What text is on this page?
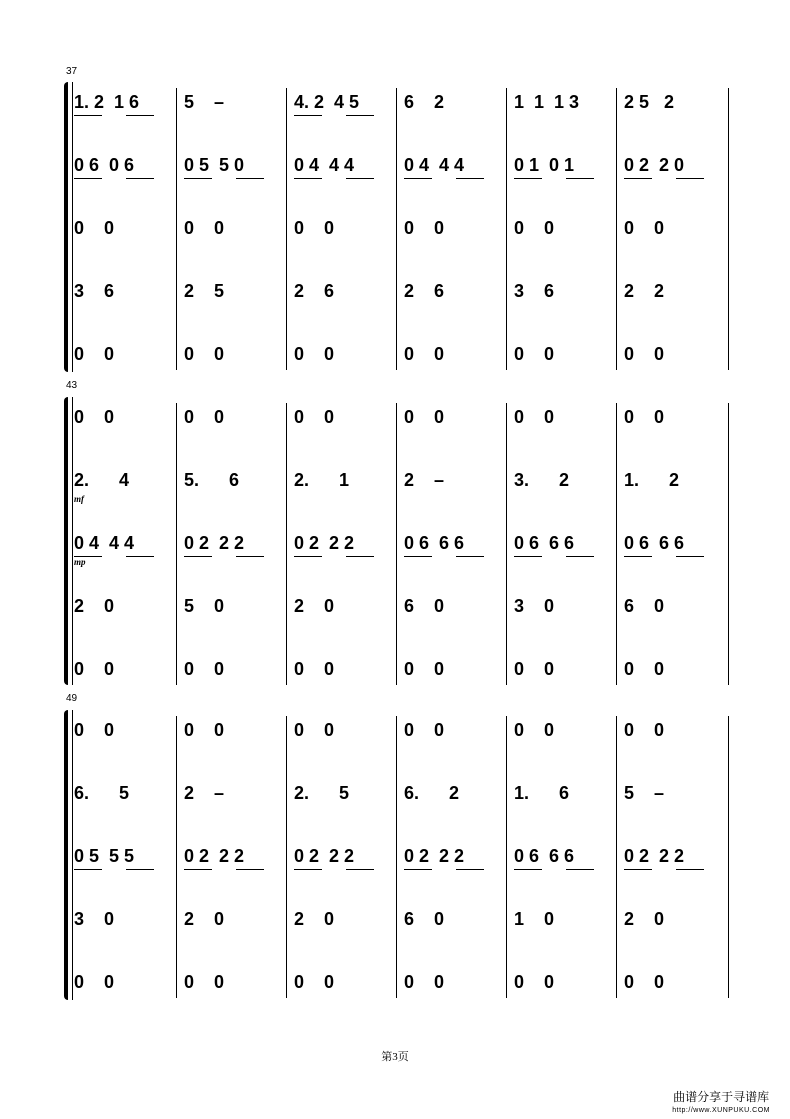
37
43
49
1. 2  1 6
0 6  0 6
0    0
3    6
0    0
5    –
0 5  5 0
0    0
2    5
0    0
4. 2  4 5
0 4  4 4
0    0
2    6
0    0
6    2
0 4  4 4
0    0
2    6
0    0
1  1  1 3
0 1  0 1
0    0
3    6
0    0
2 5   2
0 2  2 0
0    0
2    2
0    0
0    0
2.      4
0 4  4 4
2    0
0    0
0    0
5.      6
0 2  2 2
5    0
0    0
0    0
2.      1
0 2  2 2
2    0
0    0
0    0
2    –
0 6  6 6
6    0
0    0
0    0
3.      2
0 6  6 6
3    0
0    0
0    0
1.      2
0 6  6 6
6    0
0    0
0    0
6.      5
0 5  5 5
3    0
0    0
0    0
2    –
0 2  2 2
2    0
0    0
0    0
2.      5
0 2  2 2
2    0
0    0
0    0
6.      2
0 2  2 2
6    0
0    0
0    0
1.      6
0 6  6 6
1    0
0    0
0    0
5    –
0 2  2 2
2    0
0    0
mf
mp
第3页
曲谱分享于寻谱库
http://www.XUNPUKU.COM
